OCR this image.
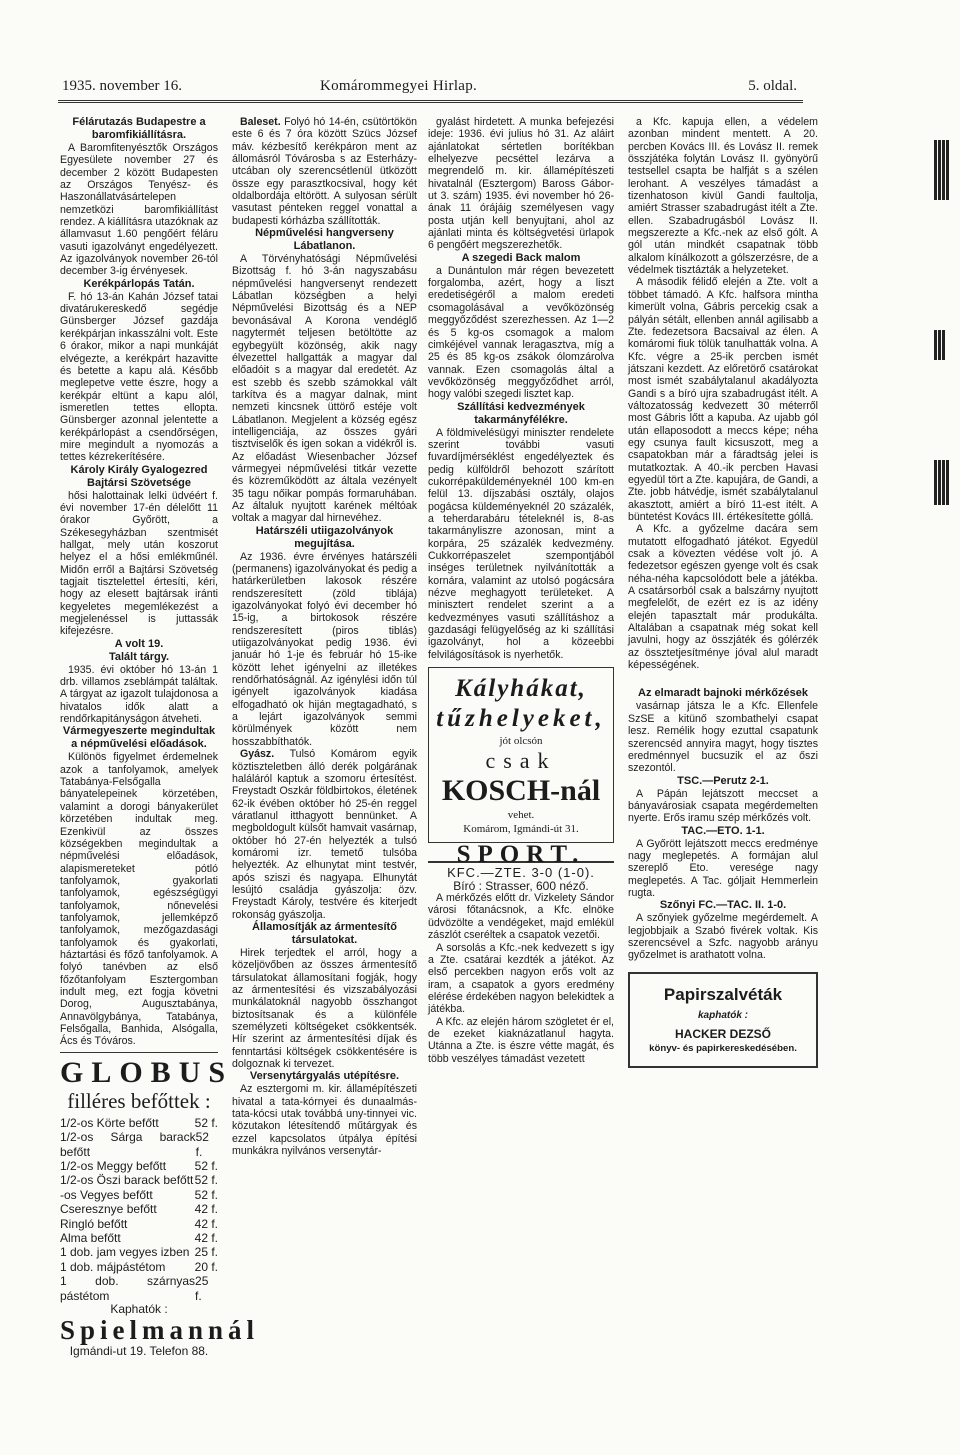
1935. november 16.	Komárommegyei Hirlap.	5. oldal.
Félárutazás Budapestre a baromfikiállításra.

A Baromfitenyésztők Országos Egyesülete november 27 és december 2 között Budapesten az Országos Tenyész- és Haszonállatvásártelepen nemzetközi baromfikiállítást rendez. A kiállításra utazóknak az államvasut 1.60 pengőért féláru vasuti igazolványt engedélyezett. Az igazolványok november 26-tól december 3-ig érvényesek.

Kerékpárlopás Tatán.

F. hó 13-án Kahán József tatai divatárukereskedő segédje Günsberger József gazdája kerékpárjan inkasszálni volt. Este 6 órakor, mikor a napi munkáját elvégezte, a kerékpárt hazavitte és betette a kapu alá. Később meglepetve vette észre, hogy a kerékpár eltünt a kapu alól, ismeretlen tettes ellopta. Günsberger azonnal jelentette a kerékpárlopást a csendőrségen, mire megindult a nyomozás a tettes kézrekerítésére.

Károly Király Gyalogezred Bajtársi Szövetsége

hősi halottainak lelki üdvéért f. évi november 17-én délelőtt 11 órakor Győrött, a Székesegyházban szentmisét hallgat, mely után koszorut helyez el a hősi emlékműnél. Midőn erről a Bajtársi Szövetség tagjait tisztelettel értesíti, kéri, hogy az elesett bajtársak iránti kegyeletes megemlékezést a megjelenéssel is juttassák kifejezésre.

A volt 19.
Talált tárgy.

1935. évi október hó 13-án 1 drb. villamos zseblámpát találtak. A tárgyat az igazolt tulajdonosa a hivatalos idők alatt a rendőrkapitányságon átveheti.

Vármegyeszerte megindultak a népművelési előadások.

Különös figyelmet érdemelnek azok a tanfolyamok, amelyek Tatabánya-Felsőgalla bányatelepeinek körzetében, valamint a dorogi bányakerület körzetében indultak meg. Ezenkivül az összes községekben megindultak a népművelési előadások, alapismereteket pótló tanfolyamok, gyakorlati tanfolyamok, egészségügyi tanfolyamok, nőnevelési tanfolyamok, jellemképző tanfolyamok, mezőgazdasági tanfolyamok és gyakorlati, háztartási és főző tanfolyamok. A folyó tanévben az első főzőtanfolyam Esztergomban indult meg, ezt fogja követni Dorog, Augusztabánya, Annavölgybánya, Tatabánya, Felsőgalla, Banhida, Alsógalla, Ács és Tóváros.

GLOBUS
filléres befőttek :
1/2-os Körte befőtt	52 f.
1/2-os Sárga barack befőtt
52 f.
1/2-os Meggy befőtt 52 f.
1/2-os Öszi barack befőtt 52 f.
-os Vegyes befőtt	52 f.
Cseresznye befőtt	42 f.
Ringló befőtt	42 f.
Alma befőtt	42 f.
1 dob. jam vegyes izben 25 f.
1 dob. májpástétom 20 f.
1 dob. szárnyas pástétom
25 f.
Kaphatók :
Spielmannál
Igmándi-ut 19. Telefon 88.

Baleset. Folyó hó 14-én, csütörtökön este 6 és 7 óra között Szücs József máv. kézbesítő kerékpáron ment az állomásról Tóvárosba s az Esterházy-utcában oly szerencsétlenül ütközött össze egy parasztkocsival, hogy két oldalbordája eltörött. A sulyosan sérült vasutast pénteken reggel vonattal a budapesti kórházba szállították.

Népművelési hangverseny Lábatlanon.

A Törvényhatósági Népművelési Bizottság f. hó 3-án nagyszabásu népművelési hangversenyt rendezett Lábatlan községben a helyi Népművelési Bizottság és a NEP bevonásával A Korona vendéglő nagytermét teljesen betöltötte az egybegyült közönség, akik nagy élvezettel hallgatták a magyar dal előadóit s a magyar dal eredetét. Az est szebb és szebb számokkal vált tarkítva és a magyar dalnak, mint nemzeti kincsnek üttörő estéje volt Lábatlanon. Megjelent a község egész intelligenciája, az összes gyári tisztviselők és igen sokan a vidékről is. Az előadást Wiesenbacher József vármegyei népművelési titkár vezette és közreműködött az általa vezényelt 35 tagu nőikar pompás formaruhában. Az általuk nyujtott karének méltóak voltak a magyar dal hirnevéhez.

Határszéli utiigazolványok megujítása.

Az 1936. évre érvényes határszéli (permanens) igazolványokat és pedig a határkerületben lakosok részére rendszeresített (zöld tiblája) igazolványokat folyó évi december hó 15-ig, a birtokosok részére rendszeresített (piros tiblás) utiigazolványokat pedig 1936. évi január hó 1-je és február hó 15-ike között lehet igényelni az illetékes rendőrhatóságnál. Az igénylési időn túl igényelt igazolványok kiadása elfogadható ok hiján megtagadható, s a lejárt igazolványok semmi körülmények között nem hosszabbíthatók.

Gyász. Tulsó Komárom egyik köztiszteletben álló derék polgárának haláláról kaptuk a szomoru értesítést. Freystadt Oszkár földbirtokos, életének 62-ik évében október hó 25-én reggel váratlanul itthagyott bennünket. A megboldogult külsőt hamvait vasárnap, október hó 27-én helyezték a tulsó komáromi izr. temető tulsóba helyezték. Az elhunytat mint testvér, após sziszi és nagyapa. Elhunytát lesújtó családja gyászolja: özv. Freystadt Károly, testvére és kiterjedt rokonság gyászolja.

Államosítják az ármentesítő társulatokat.

Hirek terjedtek el arról, hogy a közeljövőben az összes ármentesítő társulatokat államosítani fogják, hogy az ármentesítési és vizszabályozási munkálatoknál nagyobb összhangot biztosítsanak és a különféle személyzeti költségeket csökkentsék. Hír szerint az ármentesítési díjak és fenntartási költségek csökkentésére is dolgoznak ki tervezet.

Versenytárgyalás utépítésre.

Az esztergomi m. kir. államépítészeti hivatal a tata-kórnyei és dunaalmás-tata-kócsi utak továbbá uny-tinnyei vic. közutakon létesítendő műtárgyak és ezzel kapcsolatos útpálya építési munkákra nyilvános versenytár-

gyalást hirdetett. A munka befejezési ideje: 1936. évi julius hó 31. Az aláirt ajánlatokat sértetlen borítékban elhelyezve pecséttel lezárva a megrendelő m. kir. államépítészeti hivatalnál (Esztergom) Baross Gábor-ut 3. szám) 1935. évi november hó 26-ának 11 órájáig személyesen vagy posta utján kell benyujtani, ahol az ajánlati minta és költségvetési ürlapok 6 pengőért megszerezhetők.

A szegedi Back malom

a Dunántulon már régen bevezetett forgalomba, azért, hogy a liszt eredetiségéről a malom eredeti csomagolásával a vevőközönség meggyőződést szerezhessen. Az 1—2 és 5 kg-os csomagok a malom cimkéjével vannak leragasztva, míg a 25 és 85 kg-os zsákok ólomzárolva vannak. Ezen csomagolás által a vevőközönség meggyőződhet arról, hogy valóbi szegedi lisztet kap.

Szállítási kedvezmények takarmányfélékre.

A földmivelésügyi miniszter rendelete szerint további vasuti fuvardíjmérséklést engedélyeztek és pedig külföldről behozott szárított cukorrépaküldeményeknél 100 km-en felül 13. díjszabási osztály, olajos pogácsa küldeményeknél 20 százalék, a teherdarabáru tételeknél is, 8-as takarmányliszre azonosan, mint a korpára, 25 százalék kedvezmény. Cukkorrépaszelet szempontjából inséges területnek nyilvánították a kornára, valamint az utolsó pogácsára nézve meghagyott területeket. A minisztert rendelet szerint a a kedvezményes vasuti szállításhoz a gazdasági felügyelőség az ki szállítási igazolványt, hol a közeebbi felvilágosítások is nyerhetők.

Kályhákat,
tűzhelyeket,
jót olcsón
csak
KOSCH-nál
vehet.
Komárom, Igmándi-út 31.
SPORT.
KFC.—ZTE. 3-0 (1-0).
Bíró : Strasser, 600 néző.

A mérkőzés előtt dr. Vizkelety Sándor városi főtanácsnok, a Kfc. elnöke üdvözölte a vendégeket, majd emlékül zászlót cseréltek a csapatok vezetői.

A sorsolás a Kfc.-nek kedvezett s igy a Zte. csatárai kezdték a játékot. Az első percekben nagyon erős volt az iram, a csapatok a gyors eredmény elérése érdekében nagyon belekidtek a játékba.

A Kfc. az elején három szögletet ér el, de ezeket kiaknázatlanul hagyta. Utánna a Zte. is észre vétte magát, és több veszélyes támadást vezetett

a Kfc. kapuja ellen, a védelem azonban mindent mentett. A 20. percben Kovács III. és Lovász II. remek összjátéka folytán Lovász II. gyönyörű testsellel csapta be halfját s a szélen lerohant. A veszélyes támadást a tizenhatoson kivül Gandi faultolja, amiért Strasser szabadrugást itélt a Zte. ellen. Szabadrugásból Lovász II. megszerezte a Kfc.-nek az első gólt. A gól után mindkét csapatnak több alkalom kínálkozott a gólszerzésre, de a védelmek tisztázták a helyzeteket.

A második félidő elején a Zte. volt a többet támadó. A Kfc. halfsora mintha kimerült volna, Gábris percekig csak a pályán sétált, ellenben annál agilisabb a Zte. fedezetsora Bacsaival az élen. A komáromi fiuk tölük tanulhatták volna. A Kfc. végre a 25-ik percben ismét játszani kezdett. Az előretörő csatárokat most ismét szabálytalanul akadályozta Gandi s a bíró ujra szabadrugást itélt. A változatosság kedvezett 30 méterről most Gábris lőtt a kapuba. Az ujabb gól után ellaposodott a meccs képe; néha egy csunya fault kicsuszott, meg a csapatokban már a fáradtság jelei is mutatkoztak. A 40.-ik percben Havasi egyedül tört a Zte. kapujára, de Gandi, a Zte. jobb hátvédje, ismét szabálytalanul akasztott, amiért a bíró 11-est itélt. A büntetést Kovács III. értékesítette góllá.

A Kfc. a győzelme dacára sem mutatott elfogadható játékot. Egyedül csak a kövezten védése volt jó. A fedezetsor egészen gyenge volt és csak néha-néha kapcsolódott bele a játékba. A csatársorból csak a balszárny nyujtott megfelelőt, de ezért ez is az idény elején tapasztalt már produkálta. Altalában a csapatnak még sokat kell javulni, hogy az összjáték és gólérzék az össztetjesítménye jóval alul maradt képességének.

Az elmaradt bajnoki mérkőzések

vasárnap játsza le a Kfc. Ellenfele SzSE a kitünő szombathelyi csapat lesz. Remélik hogy ezuttal csapatunk szerencséd annyira magyt, hogy tisztes eredménnyel bucsuzik el az őszi szezontól.

TSC.—Perutz 2-1.

A Pápán lejátszott meccset a bányavárosiak csapata megérdemelten nyerte. Erős iramu szép mérkőzés volt.

TAC.—ETO. 1-1.

A Győrött lejátszott meccs eredménye nagy meglepetés. A formájan alul szereplő Eto. veresége nagy meglepetés. A Tac. góljait Hemmerlein rugta.

Szőnyi FC.—TAC. II. 1-0.

A szőnyiek győzelme megérdemelt. A legjobbjaik a Szabó fivérek voltak. Kis szerencsével a Szfc. nagyobb arányu győzelmet is arathatott volna.

Papirszalvéták
kaphatók :
HACKER DEZSŐ
könyv- és papirkereskedésében.
